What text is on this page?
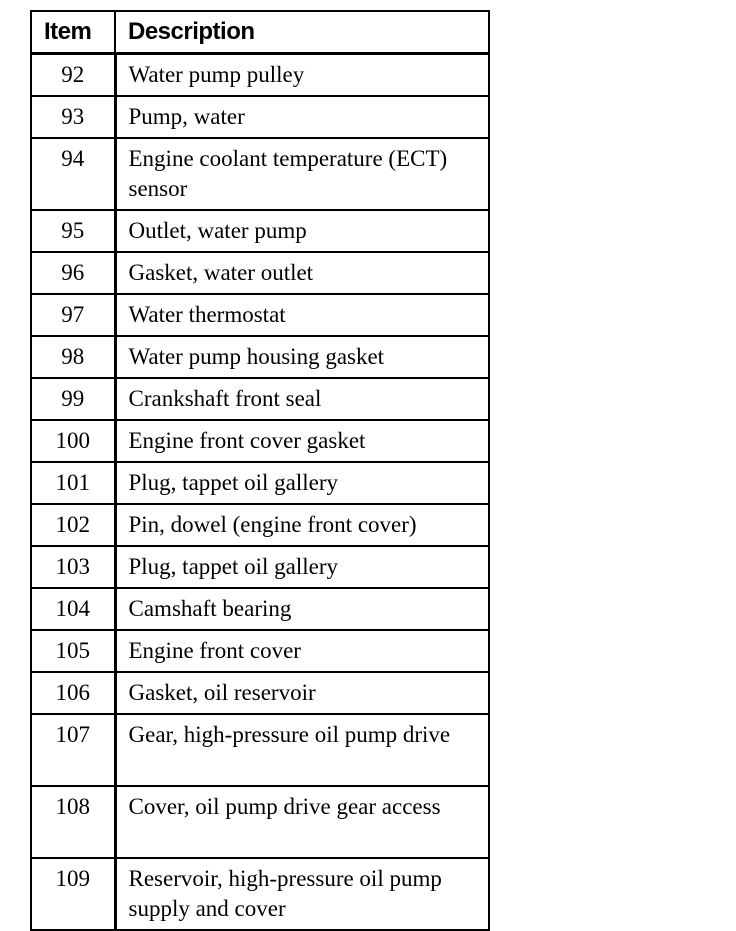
Item	Description
92	Water pump pulley
93	Pump, water
94	Engine coolant temperature (ECT) sensor
95	Outlet, water pump
96	Gasket, water outlet
97	Water thermostat
98	Water pump housing gasket
99	Crankshaft front seal
100	Engine front cover gasket
101	Plug, tappet oil gallery
102	Pin, dowel (engine front cover)
103	Plug, tappet oil gallery
104	Camshaft bearing
105	Engine front cover
106	Gasket, oil reservoir
107	Gear, high-pressure oil pump drive
108	Cover, oil pump drive gear access
109	Reservoir, high-pressure oil pump supply and cover
